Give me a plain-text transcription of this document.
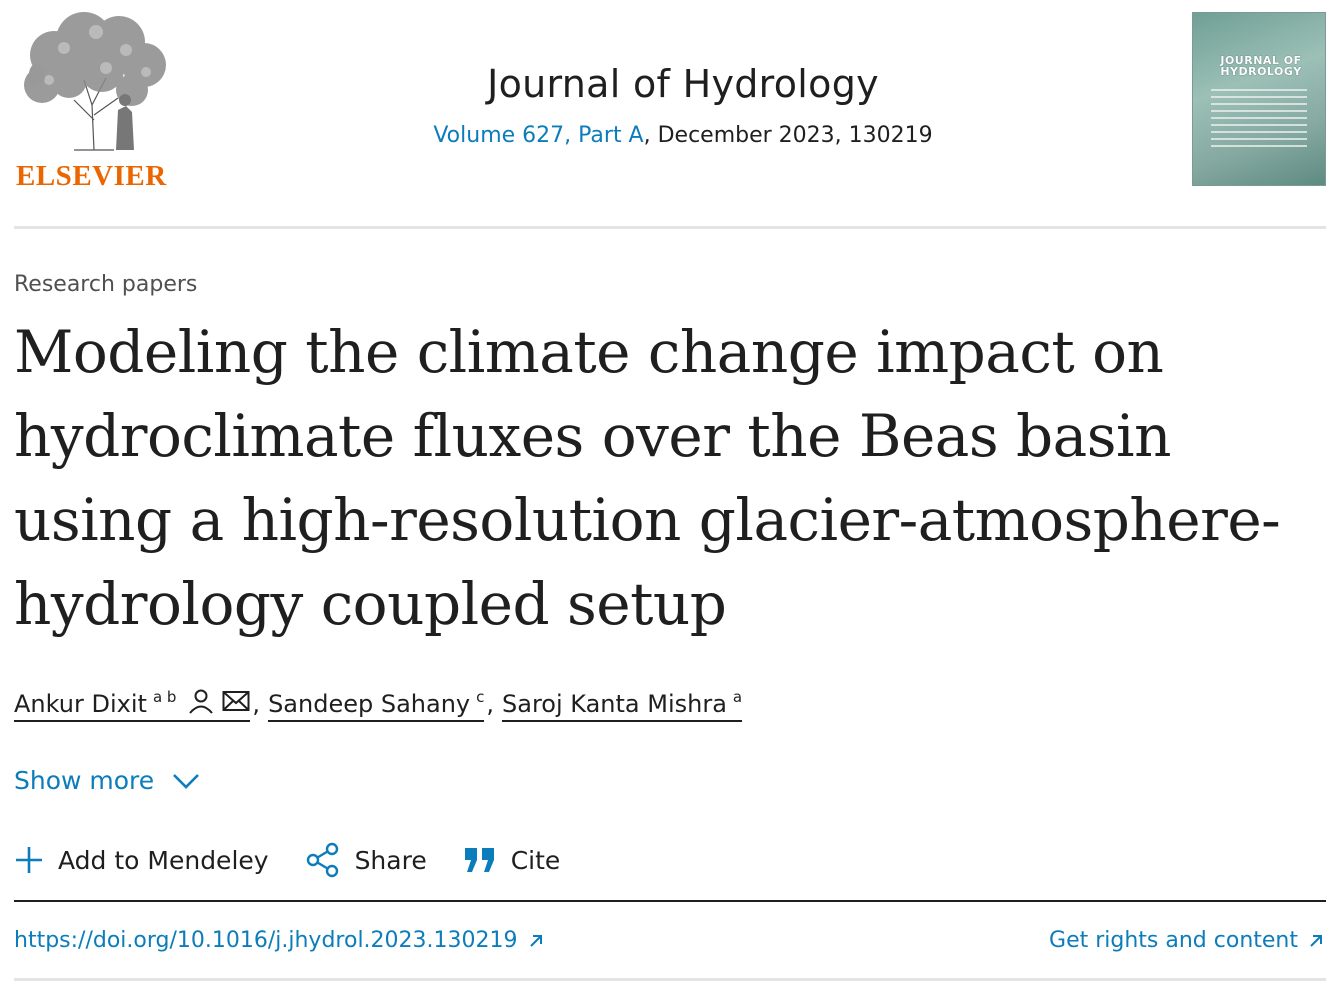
ELSEVIER
Journal of Hydrology
Volume 627, Part A, December 2023, 130219
JOURNAL OF
HYDROLOGY
Research papers
Modeling the climate change impact on hydroclimate fluxes over the Beas basin using a high-resolution glacier-atmosphere-hydrology coupled setup
Ankur Dixit $^{a b}$	, Sandeep Sahany $^c$ , Saroj Kanta Mishra $^a$
Show more
Add to Mendeley	Share	Cite
https://doi.org/10.1016/j.jhydrol.2023.130219	Get rights and content
